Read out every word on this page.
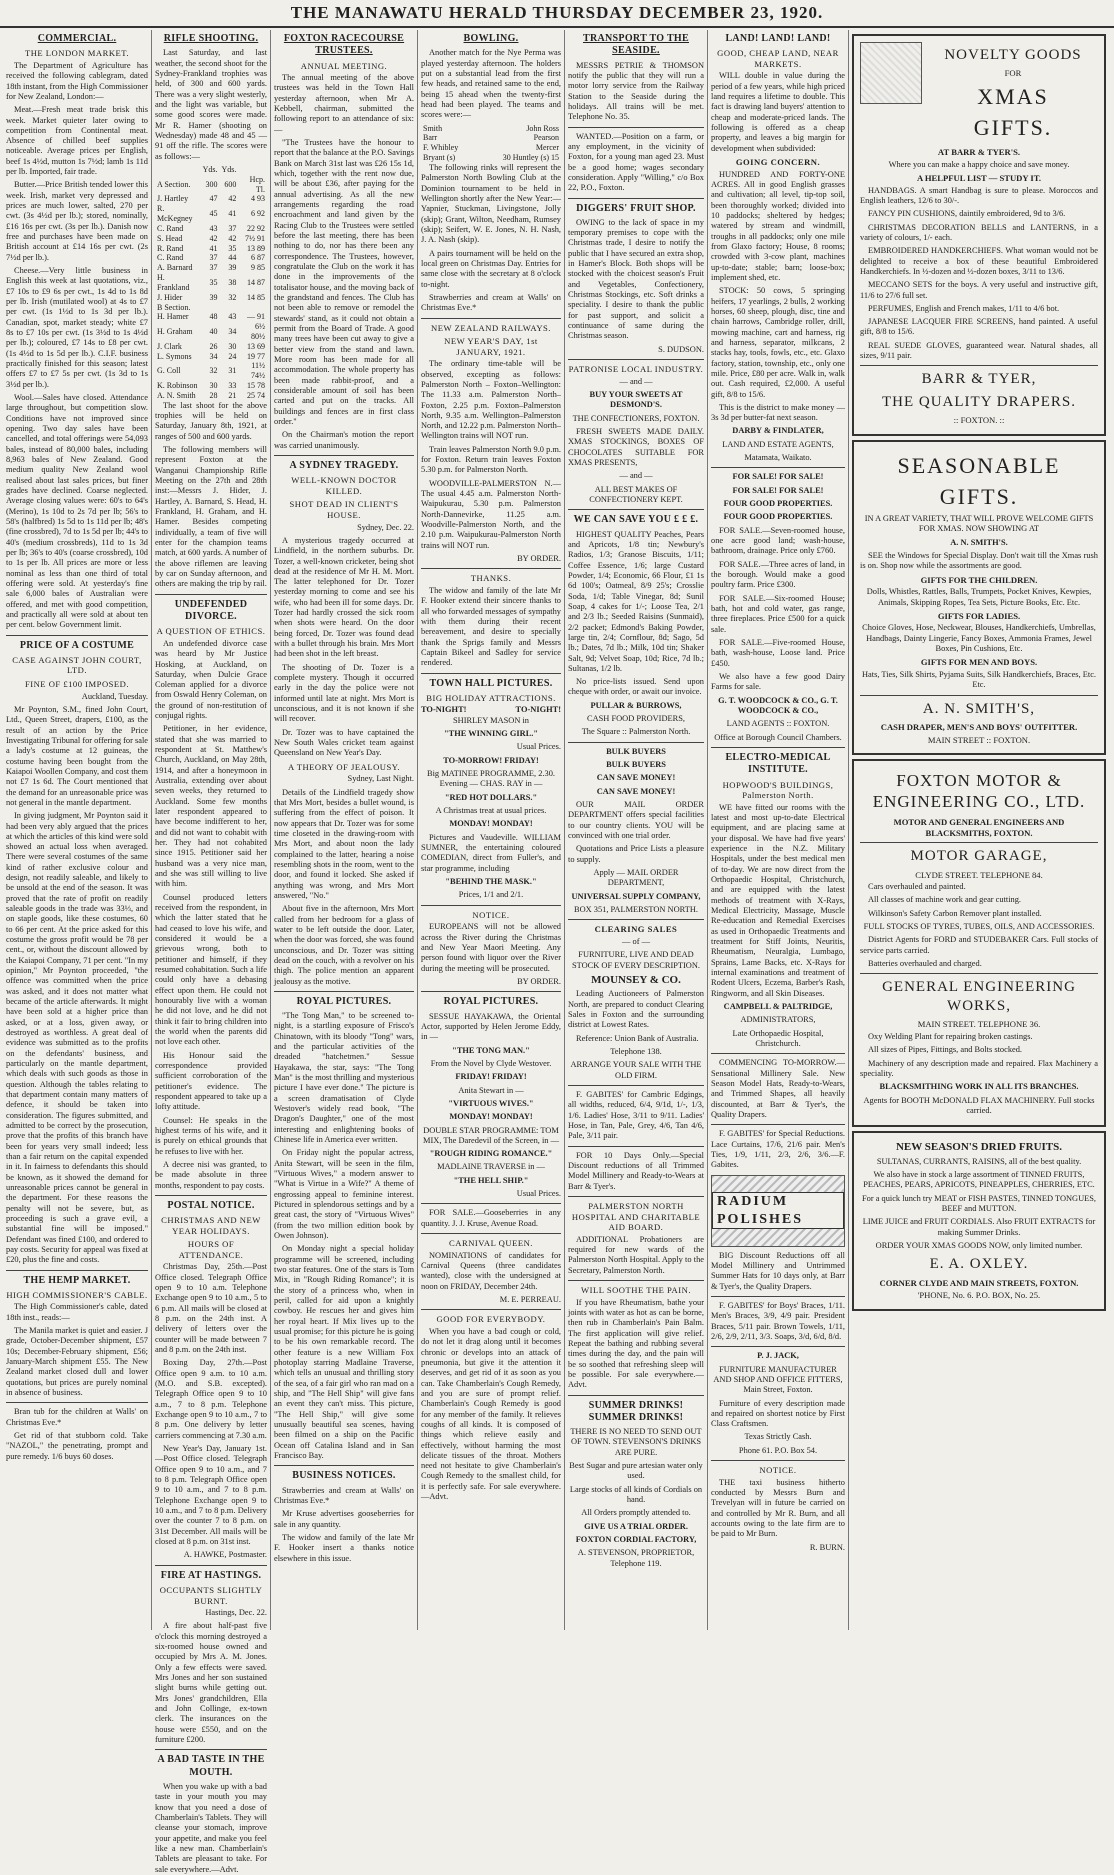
THE MANAWATU HERALD THURSDAY DECEMBER 23, 1920.
COMMERCIAL.
THE LONDON MARKET.

The Department of Agriculture has received the following cablegram, dated 18th instant, from the High Commissioner for New Zealand, London:—

Meat.—Fresh meat trade brisk this week. Market quieter later owing to competition from Continental meat. Absence of chilled beef supplies noticeable. Average prices per English, beef 1s 4½d, mutton 1s 7½d; lamb 1s 11d per lb. Imported, fair trade.

Butter.—Price British tended lower this week. Irish, market very depressed and prices are much lower, salted, 270 per cwt. (3s 4½d per lb.); stored, nominally, £16 16s per cwt. (3s per lb.). Danish now free and purchases have been made on British account at £14 16s per cwt. (2s 7½d per lb.).

Cheese.—Very little business in English this week at last quotations, viz., £7 10s to £9 6s per cwt., 1s 4d to 1s 8d per lb. Irish (mutilated wool) at 4s to £7 per cwt. (1s 1½d to 1s 3d per lb.). Canadian, spot, market steady; white £7 8s to £7 10s per cwt. (1s 3½d to 1s 4½d per lb.); coloured, £7 14s to £8 per cwt. (1s 4½d to 1s 5d per lb.). C.I.F. business practically finished for this season; latest offers £7 to £7 5s per cwt. (1s 3d to 1s 3½d per lb.).

Wool.—Sales have closed. Attendance large throughout, but competition slow. Conditions have not improved since opening. Two day sales have been cancelled, and total offerings were 54,093 bales, instead of 80,000 bales, including 8,963 bales of New Zealand. Good medium quality New Zealand wool realised about last sales prices, but finer grades have declined. Coarse neglected. Average closing values were: 60's to 64's (Merino), 1s 10d to 2s 7d per lb; 56's to 58's (halfbred) 1s 5d to 1s 11d per lb; 48's (fine crossbred), 7d to 1s 5d per lb; 44's to 40's (medium crossbreds), 11d to 1s 3d per lb; 36's to 40's (coarse crossbred), 10d to 1s per lb. All prices are more or less nominal as less than one third of total offering were sold. At yesterday's fine sale 6,000 bales of Australian were offered, and met with good competition, and practically all were sold at about ten per cent. below Government limit.

PRICE OF A COSTUME
CASE AGAINST JOHN COURT, LTD.
FINE OF £100 IMPOSED.

Auckland, Tuesday.

Mr Poynton, S.M., fined John Court, Ltd., Queen Street, drapers, £100, as the result of an action by the Price Investigating Tribunal for offering for sale a lady's costume at 12 guineas, the costume having been bought from the Kaiapoi Woollen Company, and cost them not £7 1s 6d. The Court mentioned that the demand for an unreasonable price was not general in the mantle department.

In giving judgment, Mr Poynton said it had been very ably argued that the prices at which the articles of this kind were sold showed an actual loss when averaged. There were several costumes of the same kind of rather exclusive colour and design, not readily saleable, and likely to be unsold at the end of the season. It was proved that the rate of profit on readily saleable goods in the trade was 33⅓, and on staple goods, like these costumes, 60 to 66 per cent. At the price asked for this costume the gross profit would be 78 per cent., or, without the discount allowed by the Kaiapoi Company, 71 per cent. "In my opinion," Mr Poynton proceeded, "the offence was committed when the price was asked, and it does not matter what became of the article afterwards. It might have been sold at a higher price than asked, or at a loss, given away, or destroyed as worthless. A great deal of evidence was submitted as to the profits on the defendants' business, and particularly on the mantle department, which deals with such goods as those in question. Although the tables relating to that department contain many matters of defence, it should be taken into consideration. The figures submitted, and admitted to be correct by the prosecution, prove that the profits of this branch have been for years very small indeed; less than a fair return on the capital expended in it. In fairness to defendants this should be known, as it showed the demand for unreasonable prices cannot be general in the department. For these reasons the penalty will not be severe, but, as proceeding is such a grave evil, a substantial fine will be imposed." Defendant was fined £100, and ordered to pay costs. Security for appeal was fixed at £20, plus the fine and costs.

THE HEMP MARKET.
HIGH COMMISSIONER'S CABLE.

The High Commissioner's cable, dated 18th inst., reads:—

The Manila market is quiet and easier. J grade, October-December shipment, £57 10s; December-February shipment, £56; January-March shipment £55. The New Zealand market closed dull and lower quotations, but prices are purely nominal in absence of business.

Bran tub for the children at Walls' on Christmas Eve.*

Get rid of that stubborn cold. Take "NAZOL," the penetrating, prompt and pure remedy. 1/6 buys 60 doses.

RIFLE SHOOTING.

Last Saturday, and last weather, the second shoot for the Sydney-Frankland trophies was held, of 300 and 600 yards. There was a very slight westerly, and the light was variable, but some good scores were made. Mr R. Hamer (shooting on Wednesday) made 48 and 45 —91 off the rifle. The scores were as follows:—

	Yds.	Yds.	
A Section.	300	600	Hcp. Tl.
J. Hartley	47	42	4 93
R. McKegney	45	41	6 92
C. Rand	43	37	22 92
S. Head	42	42	7½ 91
R. Rand	41	35	13 89
C. Rand	37	44	6 87
A. Barnard	37	39	9 85
H. Frankland	35	38	14 87
J. Hider	39	32	14 85
B Section.			
H. Hamer	48	43	— 91
H. Graham	40	34	6½ 80½
J. Clark	26	30	13 69
L. Symons	34	24	19 77
G. Coll	32	31	11½ 74½
K. Robinson	30	33	15 78
A. N. Smith	28	21	25 74

The last shoot for the above trophies will be held on Saturday, January 8th, 1921, at ranges of 500 and 600 yards.

The following members will represent Foxton at the Wanganui Championship Rifle Meeting on the 27th and 28th inst:—Messrs J. Hider, J. Hartley, A. Barnard, S. Head, H. Frankland, H. Graham, and H. Hamer. Besides competing individually, a team of five will enter for the champion teams match, at 600 yards. A number of the above riflemen are leaving by car on Sunday afternoon, and others are making the trip by rail.

UNDEFENDED DIVORCE.
A QUESTION OF ETHICS.

An undefended divorce case was heard by Mr Justice Hosking, at Auckland, on Saturday, when Dulcie Grace Coleman applied for a divorce from Oswald Henry Coleman, on the ground of non-restitution of conjugal rights.

Petitioner, in her evidence, stated that she was married to respondent at St. Matthew's Church, Auckland, on May 28th, 1914, and after a honeymoon in Australia, extending over about seven weeks, they returned to Auckland. Some few months later respondent appeared to have become indifferent to her, and did not want to cohabit with her. They had not cohabited since 1915. Petitioner said her husband was a very nice man, and she was still willing to live with him.

Counsel produced letters received from the respondent, in which the latter stated that he had ceased to love his wife, and considered it would be a grievous wrong, both to petitioner and himself, if they resumed cohabitation. Such a life could only have a debasing effect upon them. He could not honourably live with a woman he did not love, and he did not think it fair to bring children into the world when the parents did not love each other.

His Honour said the correspondence provided sufficient corroboration of the petitioner's evidence. The respondent appeared to take up a lofty attitude.

Counsel: He speaks in the highest terms of his wife, and it is purely on ethical grounds that he refuses to live with her.

A decree nisi was granted, to be made absolute in three months, respondent to pay costs.

POSTAL NOTICE.
CHRISTMAS AND NEW YEAR HOLIDAYS.
HOURS OF ATTENDANCE.

Christmas Day, 25th.—Post Office closed. Telegraph Office open 9 to 10 a.m. Telephone Exchange open 9 to 10 a.m., 5 to 6 p.m. All mails will be closed at 8 p.m. on the 24th inst. A delivery of letters over the counter will be made between 7 and 8 p.m. on the 24th inst.

Boxing Day, 27th.—Post Office open 9 a.m. to 10 a.m. (M.O. and S.B. excepted). Telegraph Office open 9 to 10 a.m., 7 to 8 p.m. Telephone Exchange open 9 to 10 a.m., 7 to 8 p.m. One delivery by letter carriers commencing at 7.30 a.m.

New Year's Day, January 1st.—Post Office closed. Telegraph Office open 9 to 10 a.m., and 7 to 8 p.m. Telegraph Office open 9 to 10 a.m., and 7 to 8 p.m. Telephone Exchange open 9 to 10 a.m., and 7 to 8 p.m. Delivery over the counter 7 to 8 p.m. on 31st December. All mails will be closed at 8 p.m. on 31st inst.

A. HAWKE, Postmaster.

FIRE AT HASTINGS.
OCCUPANTS SLIGHTLY BURNT.

Hastings, Dec. 22.

A fire about half-past five o'clock this morning destroyed a six-roomed house owned and occupied by Mrs A. M. Jones. Only a few effects were saved. Mrs Jones and her son sustained slight burns while getting out. Mrs Jones' grandchildren, Ella and John Collinge, ex-town clerk. The insurances on the house were £550, and on the furniture £200.

A BAD TASTE IN THE MOUTH.

When you wake up with a bad taste in your mouth you may know that you need a dose of Chamberlain's Tablets. They will cleanse your stomach, improve your appetite, and make you feel like a new man. Chamberlain's Tablets are pleasant to take. For sale everywhere.—Advt.

FOXTON RACECOURSE TRUSTEES.
ANNUAL MEETING.

The annual meeting of the above trustees was held in the Town Hall yesterday afternoon, when Mr A. Kebbell, chairman, submitted the following report to an attendance of six:—

"The Trustees have the honour to report that the balance at the P.O. Savings Bank on March 31st last was £26 15s 1d, which, together with the rent now due, will be about £36, after paying for the annual advertising. As all the new arrangements regarding the road encroachment and land given by the Racing Club to the Trustees were settled before the last meeting, there has been nothing to do, nor has there been any correspondence. The Trustees, however, congratulate the Club on the work it has done in the improvements of the totalisator house, and the moving back of the grandstand and fences. The Club has not been able to remove or remodel the stewards' stand, as it could not obtain a permit from the Board of Trade. A good many trees have been cut away to give a better view from the stand and lawn. More room has been made for all accommodation. The whole property has been made rabbit-proof, and a considerable amount of soil has been carted and put on the tracks. All buildings and fences are in first class order."

On the Chairman's motion the report was carried unanimously.

A SYDNEY TRAGEDY.
WELL-KNOWN DOCTOR KILLED.
SHOT DEAD IN CLIENT'S HOUSE.

Sydney, Dec. 22.

A mysterious tragedy occurred at Lindfield, in the northern suburbs. Dr. Tozer, a well-known cricketer, being shot dead at the residence of Mr H. M. Mort. The latter telephoned for Dr. Tozer yesterday morning to come and see his wife, who had been ill for some days. Dr. Tozer had hardly crossed the sick room when shots were heard. On the door being forced, Dr. Tozer was found dead with a bullet through his brain. Mrs Mort had been shot in the left breast.

The shooting of Dr. Tozer is a complete mystery. Though it occurred early in the day the police were not informed until late at night. Mrs Mort is unconscious, and it is not known if she will recover.

Dr. Tozer was to have captained the New South Wales cricket team against Queensland on New Year's Day.

A THEORY OF JEALOUSY.

Sydney, Last Night.

Details of the Lindfield tragedy show that Mrs Mort, besides a bullet wound, is suffering from the effect of poison. It now appears that Dr. Tozer was for some time closeted in the drawing-room with Mrs Mort, and about noon the lady complained to the latter, hearing a noise resembling shots in the room, went to the door, and found it locked. She asked if anything was wrong, and Mrs Mort answered, "No."

About five in the afternoon, Mrs Mort called from her bedroom for a glass of water to be left outside the door. Later, when the door was forced, she was found unconscious, and Dr. Tozer was sitting dead on the couch, with a revolver on his thigh. The police mention an apparent jealousy as the motive.

ROYAL PICTURES.

"The Tong Man," to be screened to-night, is a startling exposure of Frisco's Chinatown, with its bloody "Tong" wars, and the particular activities of the dreaded "hatchetmen." Sessue Hayakawa, the star, says: "The Tong Man" is the most thrilling and mysterious picture I have ever done." The picture is a screen dramatisation of Clyde Westover's widely read book, "The Dragon's Daughter," one of the most interesting and enlightening books of Chinese life in America ever written.

On Friday night the popular actress, Anita Stewart, will be seen in the film, "Virtuous Wives," a modern answer to "What is Virtue in a Wife?" A theme of engrossing appeal to feminine interest. Pictured in splendorous settings and by a great cast, the story of "Virtuous Wives" (from the two million edition book by Owen Johnson).

On Monday night a special holiday programme will be screened, including two star features. One of the stars is Tom Mix, in "Rough Riding Romance"; it is the story of a princess who, when in peril, called for aid upon a knightly cowboy. He rescues her and gives him her royal heart. If Mix lives up to the usual promise; for this picture he is going to be his own remarkable record. The other feature is a new William Fox photoplay starring Madlaine Traverse, which tells an unusual and thrilling story of the sea, of a fair girl who ran mad on a ship, and "The Hell Ship" will give fans an event they can't miss. This picture, "The Hell Ship," will give some unusually beautiful sea scenes, having been filmed on a ship on the Pacific Ocean off Catalina Island and in San Francisco Bay.

BUSINESS NOTICES.

Strawberries and cream at Walls' on Christmas Eve.*

Mr Kruse advertises gooseberries for sale in any quantity.

The widow and family of the late Mr F. Hooker insert a thanks notice elsewhere in this issue.

BOWLING.

Another match for the Nye Perma was played yesterday afternoon. The holders put on a substantial lead from the first few heads, and retained same to the end, being 15 ahead when the twenty-first head had been played. The teams and scores were:—

Smith	John Ross
Barr	Pearson
F. Whibley	Mercer
Bryant (s)	30 Huntley (s) 15

The following rinks will represent the Palmerston North Bowling Club at the Dominion tournament to be held in Wellington shortly after the New Year:—Yapnier, Stuckman, Livingstone, Jolly (skip); Grant, Wilton, Needham, Rumsey (skip); Seifert, W. E. Jones, N. H. Nash, J. A. Nash (skip).

A pairs tournament will be held on the local green on Christmas Day. Entries for same close with the secretary at 8 o'clock to-night.

Strawberries and cream at Walls' on Christmas Eve.*

NEW ZEALAND RAILWAYS.
NEW YEAR'S DAY, 1st JANUARY, 1921.

The ordinary time-table will be observed, excepting as follows: Palmerston North – Foxton–Wellington: The 11.33 a.m. Palmerston North–Foxton, 2.25 p.m. Foxton–Palmerston North, 9.35 a.m. Wellington–Palmerston North, and 12.22 p.m. Palmerston North–Wellington trains will NOT run.

Train leaves Palmerston North 9.0 p.m. for Foxton. Return train leaves Foxton 5.30 p.m. for Palmerston North.

WOODVILLE-PALMERSTON N.—The usual 4.45 a.m. Palmerston North-Waipukurau, 5.30 p.m. Palmerston North-Dannevirke, 11.25 a.m. Woodville-Palmerston North, and the 2.10 p.m. Waipukurau-Palmerston North trains will NOT run.

BY ORDER.

THANKS.

The widow and family of the late Mr F. Hooker extend their sincere thanks to all who forwarded messages of sympathy with them during their recent bereavement, and desire to specially thank the Sprigs family and Messrs Captain Bikeel and Sadley for service rendered.

TOWN HALL PICTURES.
BIG HOLIDAY ATTRACTIONS.
TO-NIGHT!	TO-NIGHT!

SHIRLEY MASON in

"THE WINNING GIRL."

Usual Prices.

TO-MORROW! FRIDAY!

Big MATINEE PROGRAMME, 2.30. Evening — CHAS. RAY in —

"RED HOT DOLLARS."

A Christmas treat at usual prices.

MONDAY! MONDAY!

Pictures and Vaudeville. WILLIAM SUMNER, the entertaining coloured COMEDIAN, direct from Fuller's, and star programme, including

"BEHIND THE MASK."

Prices, 1/1 and 2/1.

NOTICE.

EUROPEANS will not be allowed across the River during the Christmas and New Year Maori Meeting. Any person found with liquor over the River during the meeting will be prosecuted.

BY ORDER.

ROYAL PICTURES.

SESSUE HAYAKAWA, the Oriental Actor, supported by Helen Jerome Eddy, in —

"THE TONG MAN."

From the Novel by Clyde Westover.

FRIDAY! FRIDAY!

Anita Stewart in —

"VIRTUOUS WIVES."

MONDAY! MONDAY!

DOUBLE STAR PROGRAMME: TOM MIX, The Daredevil of the Screen, in —

"ROUGH RIDING ROMANCE."

MADLAINE TRAVERSE in —

"THE HELL SHIP."

Usual Prices.

FOR SALE.—Gooseberries in any quantity. J. J. Kruse, Avenue Road.

CARNIVAL QUEEN.

NOMINATIONS of candidates for Carnival Queens (three candidates wanted), close with the undersigned at noon on FRIDAY, December 24th.

M. E. PERREAU.

GOOD FOR EVERYBODY.

When you have a bad cough or cold, do not let it drag along until it becomes chronic or develops into an attack of pneumonia, but give it the attention it deserves, and get rid of it as soon as you can. Take Chamberlain's Cough Remedy, and you are sure of prompt relief. Chamberlain's Cough Remedy is good for any member of the family. It relieves coughs of all kinds. It is composed of things which relieve easily and effectively, without harming the most delicate tissues of the throat. Mothers need not hesitate to give Chamberlain's Cough Remedy to the smallest child, for it is perfectly safe. For sale everywhere.—Advt.

TRANSPORT TO THE SEASIDE.

MESSRS PETRIE & THOMSON notify the public that they will run a motor lorry service from the Railway Station to the Seaside during the holidays. All trains will be met. Telephone No. 35.

WANTED.—Position on a farm, or any employment, in the vicinity of Foxton, for a young man aged 23. Must be a good home; wages secondary consideration. Apply "Willing," c/o Box 22, P.O., Foxton.

DIGGERS' FRUIT SHOP.

OWING to the lack of space in my temporary premises to cope with the Christmas trade, I desire to notify the public that I have secured an extra shop, in Hamer's Block. Both shops will be stocked with the choicest season's Fruit and Vegetables, Confectionery, Christmas Stockings, etc. Soft drinks a speciality. I desire to thank the public for past support, and solicit a continuance of same during the Christmas season.

S. DUDSON.

PATRONISE LOCAL INDUSTRY.

— and —

BUY YOUR SWEETS AT DESMOND'S.

THE CONFECTIONERS, FOXTON.

FRESH SWEETS MADE DAILY. XMAS STOCKINGS, BOXES OF CHOCOLATES SUITABLE FOR XMAS PRESENTS,

— and —

ALL BEST MAKES OF CONFECTIONERY KEPT.

WE CAN SAVE YOU £ £ £.

HIGHEST QUALITY Peaches, Pears and Apricots, 1/8 tin; Newbury's Radios, 1/3; Granose Biscuits, 1/11; Coffee Essence, 1/6; large Custard Powder, 1/4; Economic, 66 Flour, £1 1s 6d 100's; Oatmeal, 8/9 25's; Crosslie Soda, 1/d; Table Vinegar, 8d; Sunil Soap, 4 cakes for 1/-; Loose Tea, 2/1 and 2/3 lb.; Seeded Raisins (Sunmaid), 2/2 packet; Edmond's Baking Powder, large tin, 2/4; Cornflour, 8d; Sago, 5d lb.; Dates, 7d lb.; Milk, 10d tin; Shaker Salt, 9d; Velvet Soap, 10d; Rice, 7d lb.; Sultanas, 1/2 lb.

No price-lists issued. Send upon cheque with order, or await our invoice.

PULLAR & BURROWS,

CASH FOOD PROVIDERS,

The Square :: Palmerston North.

BULK BUYERS

BULK BUYERS

CAN SAVE MONEY!

CAN SAVE MONEY!

OUR MAIL ORDER DEPARTMENT offers special facilities to our country clients. YOU will be convinced with one trial order.

Quotations and Price Lists a pleasure to supply.

Apply — MAIL ORDER DEPARTMENT,

UNIVERSAL SUPPLY COMPANY,

BOX 351, PALMERSTON NORTH.

CLEARING SALES

— of —

FURNITURE, LIVE AND DEAD STOCK OF EVERY DESCRIPTION.

MOUNSEY & CO.

Leading Auctioneers of Palmerston North, are prepared to conduct Clearing Sales in Foxton and the surrounding district at Lowest Rates.

Reference: Union Bank of Australia.

Telephone 138.

ARRANGE YOUR SALE WITH THE OLD FIRM.

F. GABITES' for Cambric Edgings, all widths, reduced, 6/4, 9/1d, 1/-, 1/3, 1/6. Ladies' Hose, 3/11 to 9/11. Ladies' Hose, in Tan, Pale, Grey, 4/6, Tan 4/6, Pale, 3/11 pair.

FOR 10 Days Only.—Special Discount reductions of all Trimmed Model Millinery and Ready-to-Wears at Barr & Tyer's.

PALMERSTON NORTH HOSPITAL AND CHARITABLE AID BOARD.

ADDITIONAL Probationers are required for new wards of the Palmerston North Hospital. Apply to the Secretary, Palmerston North.

WILL SOOTHE THE PAIN.

If you have Rheumatism, bathe your joints with water as hot as can be borne, then rub in Chamberlain's Pain Balm. The first application will give relief. Repeat the bathing and rubbing several times during the day, and the pain will be so soothed that refreshing sleep will be possible. For sale everywhere.—Advt.

SUMMER DRINKS! SUMMER DRINKS!

THERE IS NO NEED TO SEND OUT OF TOWN. STEVENSON'S DRINKS ARE PURE.

Best Sugar and pure artesian water only used.

Large stocks of all kinds of Cordials on hand.

All Orders promptly attended to.

GIVE US A TRIAL ORDER.

FOXTON CORDIAL FACTORY,

A. STEVENSON, PROPRIETOR, Telephone 119.

LAND! LAND! LAND!
GOOD, CHEAP LAND, NEAR MARKETS.

WILL double in value during the period of a few years, while high priced land requires a lifetime to double. This fact is drawing land buyers' attention to cheap and moderate-priced lands. The following is offered as a cheap property, and leaves a big margin for development when subdivided:

GOING CONCERN.

HUNDRED AND FORTY-ONE ACRES. All in good English grasses and cultivation; all level, tip-top soil, been thoroughly worked; divided into 10 paddocks; sheltered by hedges; watered by stream and windmill, troughs in all paddocks; only one mile from Glaxo factory; House, 8 rooms; crowded with 3-cow plant, machines up-to-date; stable; barn; loose-box; implement shed, etc.

STOCK: 50 cows, 5 springing heifers, 17 yearlings, 2 bulls, 2 working horses, 60 sheep, plough, disc, tine and chain harrows, Cambridge roller, drill, mowing machine, cart and harness, rig and harness, separator, milkcans, 2 stacks hay, tools, fowls, etc., etc. Glaxo factory, station, township, etc., only one mile. Price, £80 per acre. Walk in, walk out. Cash required, £2,000. A useful gift, 8/8 to 15/6.

This is the district to make money —3s 3d per butter-fat next season.

DARBY & FINDLATER,

LAND AND ESTATE AGENTS,

Matamata, Waikato.

FOR SALE! FOR SALE!

FOR SALE! FOR SALE!

FOUR GOOD PROPERTIES.

FOUR GOOD PROPERTIES.

FOR SALE.—Seven-roomed house, one acre good land; wash-house, bathroom, drainage. Price only £760.

FOR SALE.—Three acres of land, in the borough. Would make a good poultry farm. Price £300.

FOR SALE.—Six-roomed House; bath, hot and cold water, gas range, three fireplaces. Price £500 for a quick sale.

FOR SALE.—Five-roomed House, bath, wash-house, Loose land. Price £450.

We also have a few good Dairy Farms for sale.

G. T. WOODCOCK & CO., G. T. WOODCOCK & CO.,

LAND AGENTS :: FOXTON.

Office at Borough Council Chambers.

ELECTRO-MEDICAL INSTITUTE.
HOPWOOD'S BUILDINGS, Palmerston North.

WE have fitted our rooms with the latest and most up-to-date Electrical equipment, and are placing same at your disposal. We have had five years' experience in the N.Z. Military Hospitals, under the best medical men of to-day. We are now direct from the Orthopaedic Hospital, Christchurch, and are equipped with the latest methods of treatment with X-Rays, Medical Electricity, Massage, Muscle Re-education and Remedial Exercises as used in Orthopaedic Treatments and treatment for Stiff Joints, Neuritis, Rheumatism, Neuralgia, Lumbago, Sprains, Lame Backs, etc. X-Rays for internal examinations and treatment of Rodent Ulcers, Eczema, Barber's Rash, Ringworm, and all Skin Diseases.

CAMPBELL & PALTRIDGE,

ADMINISTRATORS,

Late Orthopaedic Hospital, Christchurch.

COMMENCING TO-MORROW.— Sensational Millinery Sale. New Season Model Hats, Ready-to-Wears, and Trimmed Shapes, all heavily discounted, at Barr & Tyer's, the Quality Drapers.

F. GABITES' for Special Reductions. Lace Curtains, 17/6, 21/6 pair. Men's Ties, 1/9, 1/11, 2/3, 2/6, 3/6.—F. Gabites.

RADIUM POLISHES

BIG Discount Reductions off all Model Millinery and Untrimmed Summer Hats for 10 days only, at Barr & Tyer's, the Quality Drapers.

F. GABITES' for Boys' Braces, 1/11. Men's Braces, 3/9, 4/9 pair. President Braces, 5/11 pair. Brown Towels, 1/11, 2/6, 2/9, 2/11, 3/3. Soaps, 3/d, 6/d, 8/d.

P. J. JACK,

FURNITURE MANUFACTURER AND SHOP AND OFFICE FITTERS, Main Street, Foxton.

Furniture of every description made and repaired on shortest notice by First Class Craftsmen.

Texas Strictly Cash.

Phone 61. P.O. Box 54.

NOTICE.

THE taxi business hitherto conducted by Messrs Burn and Trevelyan will in future be carried on and controlled by Mr R. Burn, and all accounts owing to the late firm are to be paid to Mr Burn.

R. BURN.

NOVELTY GOODS
FOR
XMAS
GIFTS.
AT BARR & TYER'S.

Where you can make a happy choice and save money.

A HELPFUL LIST — STUDY IT.

HANDBAGS. A smart Handbag is sure to please. Moroccos and English leathers, 12/6 to 30/-.

FANCY PIN CUSHIONS, daintily embroidered, 9d to 3/6.

CHRISTMAS DECORATION BELLS and LANTERNS, in a variety of colours, 1/- each.

EMBROIDERED HANDKERCHIEFS. What woman would not be delighted to receive a box of these beautiful Embroidered Handkerchiefs. In ½-dozen and ½-dozen boxes, 3/11 to 13/6.

MECCANO SETS for the boys. A very useful and instructive gift, 11/6 to 27/6 full set.

PERFUMES, English and French makes, 1/11 to 4/6 bot.

JAPANESE LACQUER FIRE SCREENS, hand painted. A useful gift, 8/8 to 15/6.

REAL SUEDE GLOVES, guaranteed wear. Natural shades, all sizes, 9/11 pair.

BARR & TYER,
THE QUALITY DRAPERS.
:: FOXTON. ::
SEASONABLE
GIFTS.

IN A GREAT VARIETY, THAT WILL PROVE WELCOME GIFTS FOR XMAS. NOW SHOWING AT

A. N. SMITH'S.

SEE the Windows for Special Display. Don't wait till the Xmas rush is on. Shop now while the assortments are good.

GIFTS FOR THE CHILDREN.

Dolls, Whistles, Rattles, Balls, Trumpets, Pocket Knives, Kewpies, Animals, Skipping Ropes, Tea Sets, Picture Books, Etc. Etc.

GIFTS FOR LADIES.

Choice Gloves, Hose, Neckwear, Blouses, Handkerchiefs, Umbrellas, Handbags, Dainty Lingerie, Fancy Boxes, Ammonia Frames, Jewel Boxes, Pin Cushions, Etc.

GIFTS FOR MEN AND BOYS.

Hats, Ties, Silk Shirts, Pyjama Suits, Silk Handkerchiefs, Braces, Etc. Etc.

A. N. SMITH'S,
CASH DRAPER, MEN'S AND BOYS' OUTFITTER.
MAIN STREET :: FOXTON.
FOXTON MOTOR & ENGINEERING CO., LTD.
MOTOR AND GENERAL ENGINEERS AND BLACKSMITHS, FOXTON.
MOTOR GARAGE,
CLYDE STREET. TELEPHONE 84.

Cars overhauled and painted.

All classes of machine work and gear cutting.

Wilkinson's Safety Carbon Remover plant installed.

FULL STOCKS OF TYRES, TUBES, OILS, AND ACCESSORIES.

District Agents for FORD and STUDEBAKER Cars. Full stocks of service parts carried.

Batteries overhauled and charged.

GENERAL ENGINEERING WORKS,
MAIN STREET. TELEPHONE 36.

Oxy Welding Plant for repairing broken castings.

All sizes of Pipes, Fittings, and Bolts stocked.

Machinery of any description made and repaired. Flax Machinery a speciality.

BLACKSMITHING WORK IN ALL ITS BRANCHES.

Agents for BOOTH McDONALD FLAX MACHINERY. Full stocks carried.

NEW SEASON'S DRIED FRUITS.

SULTANAS, CURRANTS, RAISINS, all of the best quality.

We also have in stock a large assortment of TINNED FRUITS, PEACHES, PEARS, APRICOTS, PINEAPPLES, CHERRIES, ETC.

For a quick lunch try MEAT or FISH PASTES, TINNED TONGUES, BEEF and MUTTON.

LIME JUICE and FRUIT CORDIALS. Also FRUIT EXTRACTS for making Summer Drinks.

ORDER YOUR XMAS GOODS NOW, only limited number.

E. A. OXLEY.
CORNER CLYDE AND MAIN STREETS, FOXTON.
'PHONE, No. 6. P.O. BOX, No. 25.
